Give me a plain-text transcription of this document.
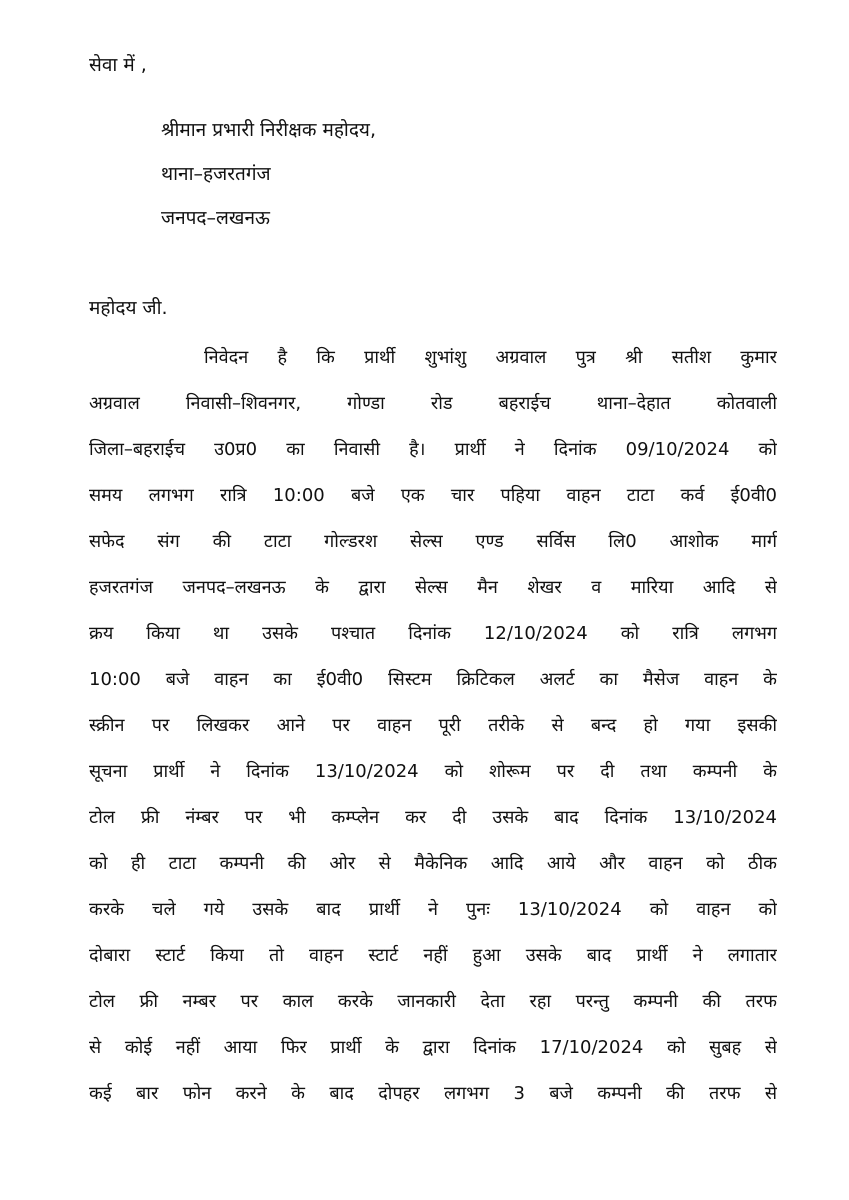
सेवा में ,
श्रीमान प्रभारी निरीक्षक महोदय,
थाना–हजरतगंज
जनपद–लखनऊ
महोदय जी.
निवेदन है कि प्रार्थी शुभांशु अग्रवाल पुत्र श्री सतीश कुमार
अग्रवाल निवासी–शिवनगर, गोण्डा रोड बहराईच थाना–देहात कोतवाली
जिला–बहराईच उ0प्र0 का निवासी है। प्रार्थी ने दिनांक 09/10/2024 को
समय लगभग रात्रि 10:00 बजे एक चार पहिया वाहन टाटा कर्व ई0वी0
सफेद संग की टाटा गोल्डरश सेल्स एण्ड सर्विस लि0 आशोक मार्ग
हजरतगंज जनपद–लखनऊ के द्वारा सेल्स मैन शेखर व मारिया आदि से
क्रय किया था उसके पश्चात दिनांक 12/10/2024 को रात्रि लगभग
10:00 बजे वाहन का ई0वी0 सिस्टम क्रिटिकल अलर्ट का मैसेज वाहन के
स्क्रीन पर लिखकर आने पर वाहन पूरी तरीके से बन्द हो गया इसकी
सूचना प्रार्थी ने दिनांक 13/10/2024 को शोरूम पर दी तथा कम्पनी के
टोल फ्री नंम्बर पर भी कम्प्लेन कर दी उसके बाद दिनांक 13/10/2024
को ही टाटा कम्पनी की ओर से मैकेनिक आदि आये और वाहन को ठीक
करके चले गये उसके बाद प्रार्थी ने पुनः 13/10/2024 को वाहन को
दोबारा स्टार्ट किया तो वाहन स्टार्ट नहीं हुआ उसके बाद प्रार्थी ने लगातार
टोल फ्री नम्बर पर काल करके जानकारी देता रहा परन्तु कम्पनी की तरफ
से कोई नहीं आया फिर प्रार्थी के द्वारा दिनांक 17/10/2024 को सुबह से
कई बार फोन करने के बाद दोपहर लगभग 3 बजे कम्पनी की तरफ से
